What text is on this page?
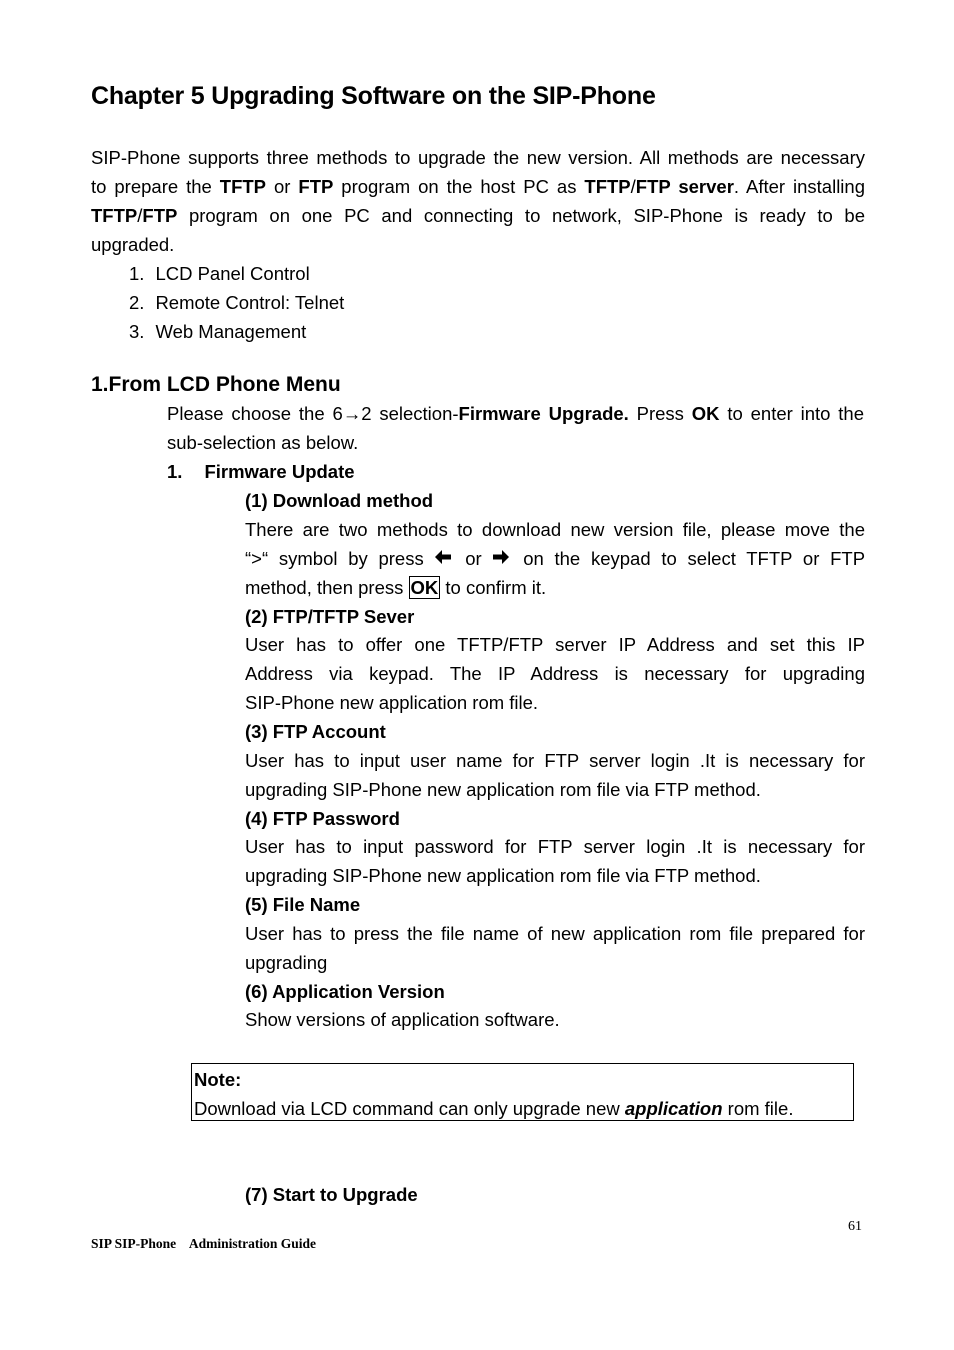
Chapter 5 Upgrading Software on the SIP-Phone
SIP-Phone supports three methods to upgrade the new version. All methods are necessary
to prepare the TFTP or FTP program on the host PC as TFTP/FTP server. After installing
TFTP/FTP program on one PC and connecting to network, SIP-Phone is ready to be
upgraded.
1. LCD Panel Control
2. Remote Control: Telnet
3. Web Management
1.From LCD Phone Menu
Please choose the 6→2 selection-Firmware Upgrade. Press OK to enter into the
sub-selection as below.
1. Firmware Update
(1) Download method
There are two methods to download new version file, please move the
“>“ symbol by press or on the keypad to select TFTP or FTP
method, then press OK to confirm it.
(2) FTP/TFTP Sever
User has to offer one TFTP/FTP server IP Address and set this IP
Address via keypad. The IP Address is necessary for upgrading
SIP-Phone new application rom file.
(3) FTP Account
User has to input user name for FTP server login .It is necessary for
upgrading SIP-Phone new application rom file via FTP method.
(4) FTP Password
User has to input password for FTP server login .It is necessary for
upgrading SIP-Phone new application rom file via FTP method.
(5) File Name
User has to press the file name of new application rom file prepared for
upgrading
(6) Application Version
Show versions of application software.
Note:
Download via LCD command can only upgrade new application rom file.
(7) Start to Upgrade
61
SIP SIP-Phone    Administration Guide
